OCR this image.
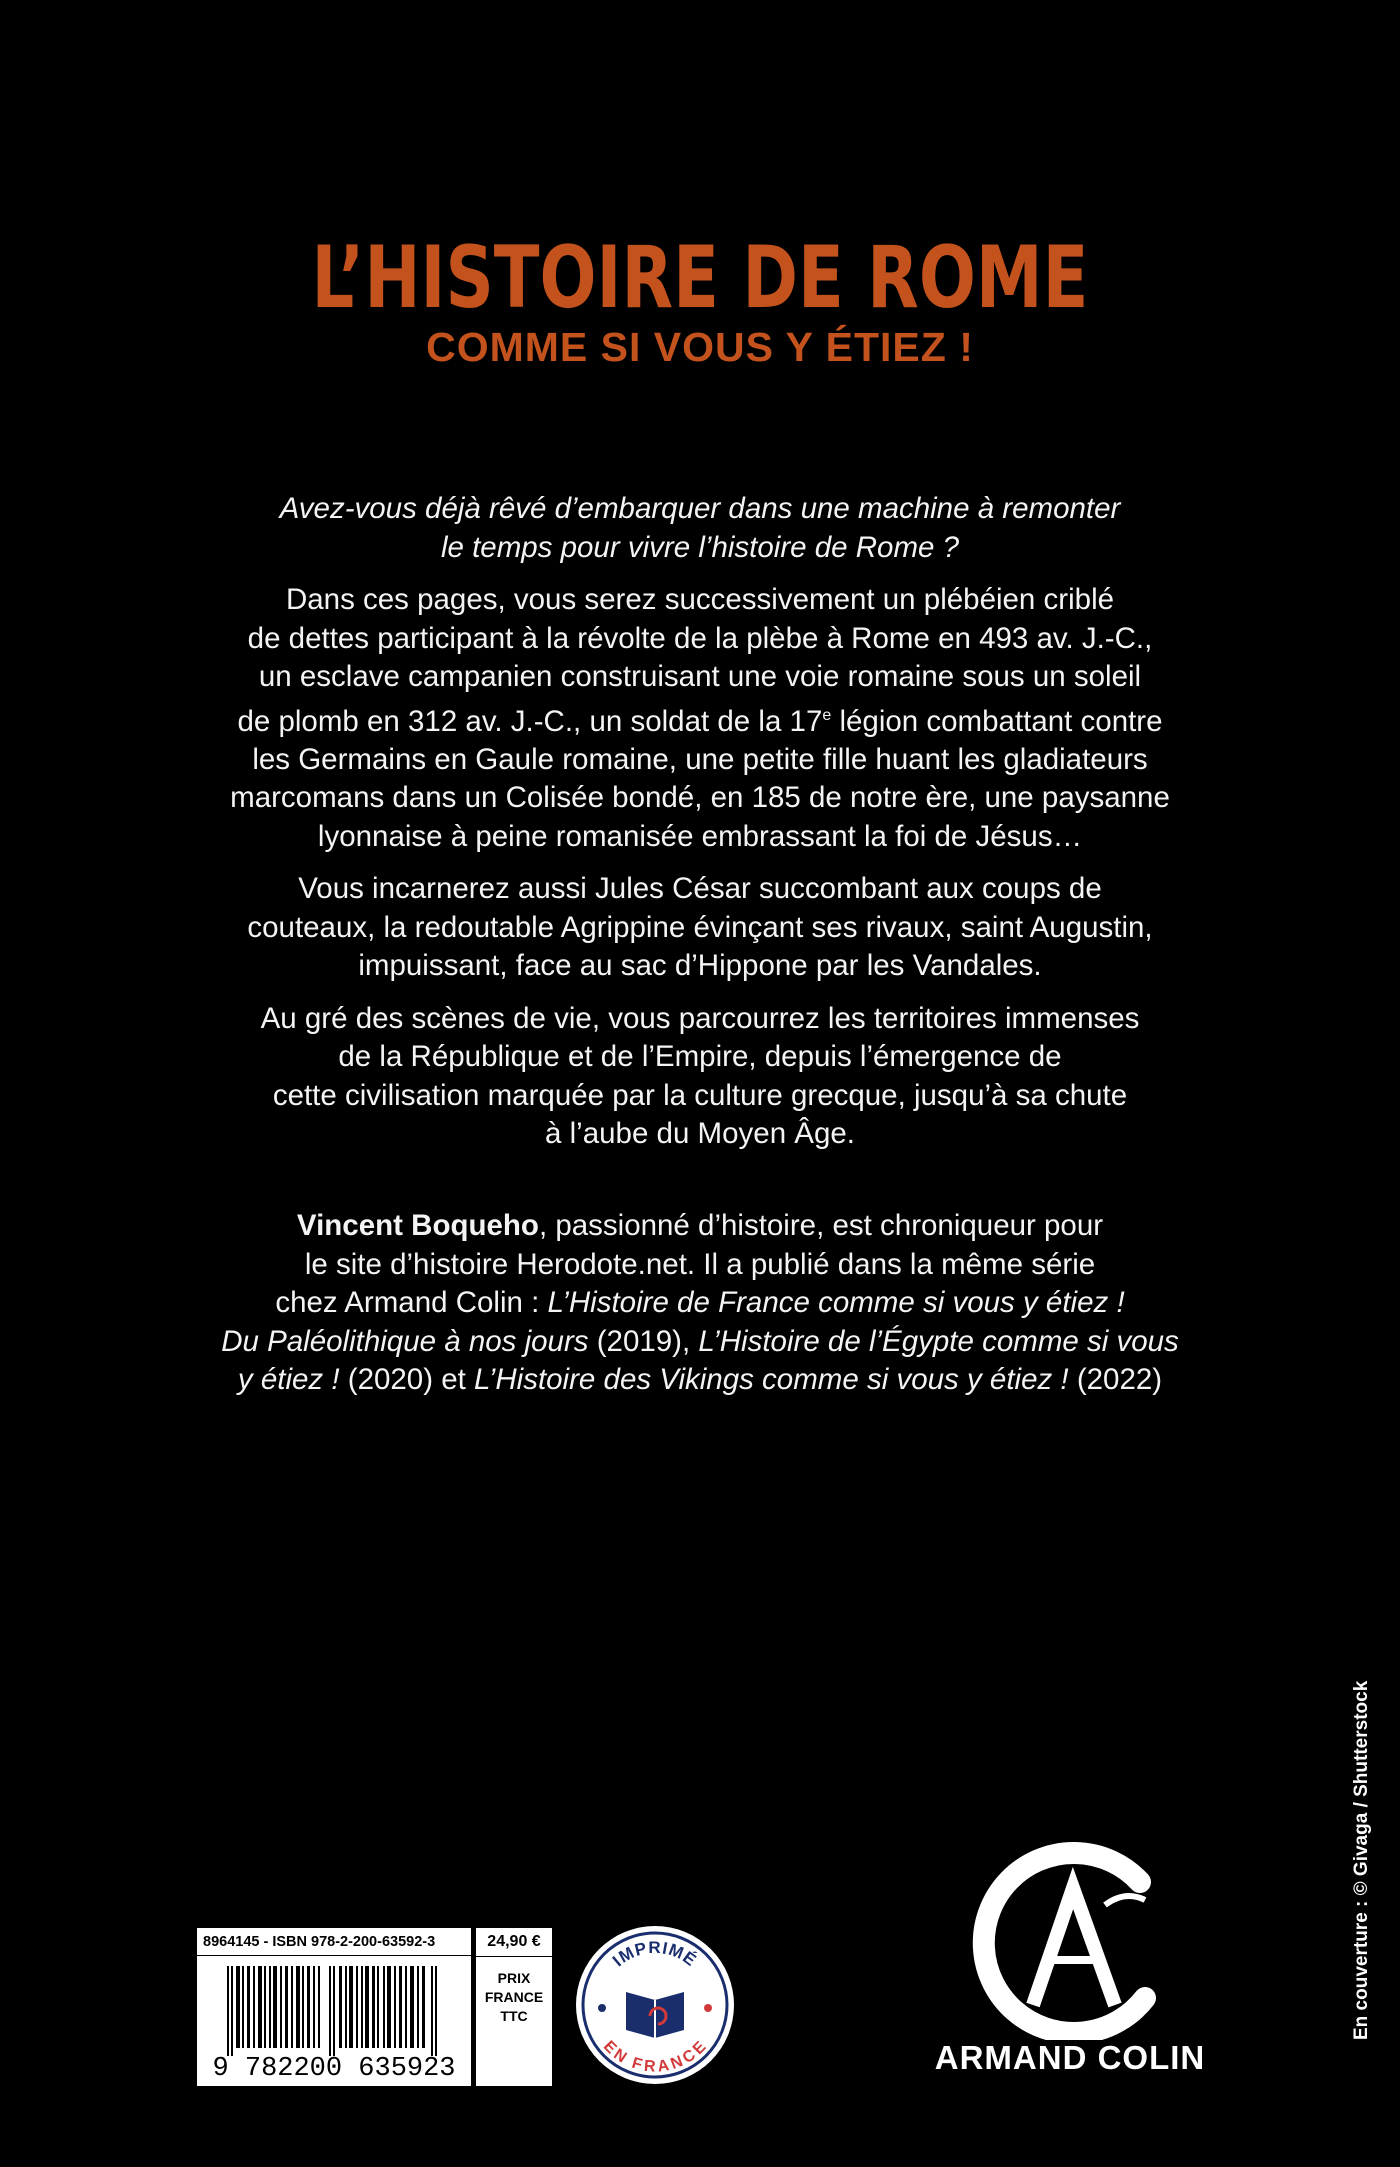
L’HISTOIRE DE ROME
COMME SI VOUS Y ÉTIEZ !

Avez-vous déjà rêvé d’embarquer dans une machine à remonter
le temps pour vivre l’histoire de Rome ?

Dans ces pages, vous serez successivement un plébéien criblé
de dettes participant à la révolte de la plèbe à Rome en 493 av. J.-C.,
un esclave campanien construisant une voie romaine sous un soleil
de plomb en 312 av. J.-C., un soldat de la 17e légion combattant contre
les Germains en Gaule romaine, une petite fille huant les gladiateurs
marcomans dans un Colisée bondé, en 185 de notre ère, une paysanne
lyonnaise à peine romanisée embrassant la foi de Jésus…

Vous incarnerez aussi Jules César succombant aux coups de
couteaux, la redoutable Agrippine évinçant ses rivaux, saint Augustin,
impuissant, face au sac d’Hippone par les Vandales.

Au gré des scènes de vie, vous parcourrez les territoires immenses
de la République et de l’Empire, depuis l’émergence de
cette civilisation marquée par la culture grecque, jusqu’à sa chute
à l’aube du Moyen Âge.

Vincent Boqueho, passionné d’histoire, est chroniqueur pour
le site d’histoire Herodote.net. Il a publié dans la même série
chez Armand Colin : L’Histoire de France comme si vous y étiez !
Du Paléolithique à nos jours (2019), L’Histoire de l’Égypte comme si vous
y étiez ! (2020) et L’Histoire des Vikings comme si vous y étiez ! (2022)
8964145 - ISBN 978-2-200-63592-3
9 782200 635923
24,90 €
PRIX
FRANCE
TTC
IMPRIMÉ
EN FRANCE	ARMAND COLIN
En couverture : © Givaga / Shutterstock
